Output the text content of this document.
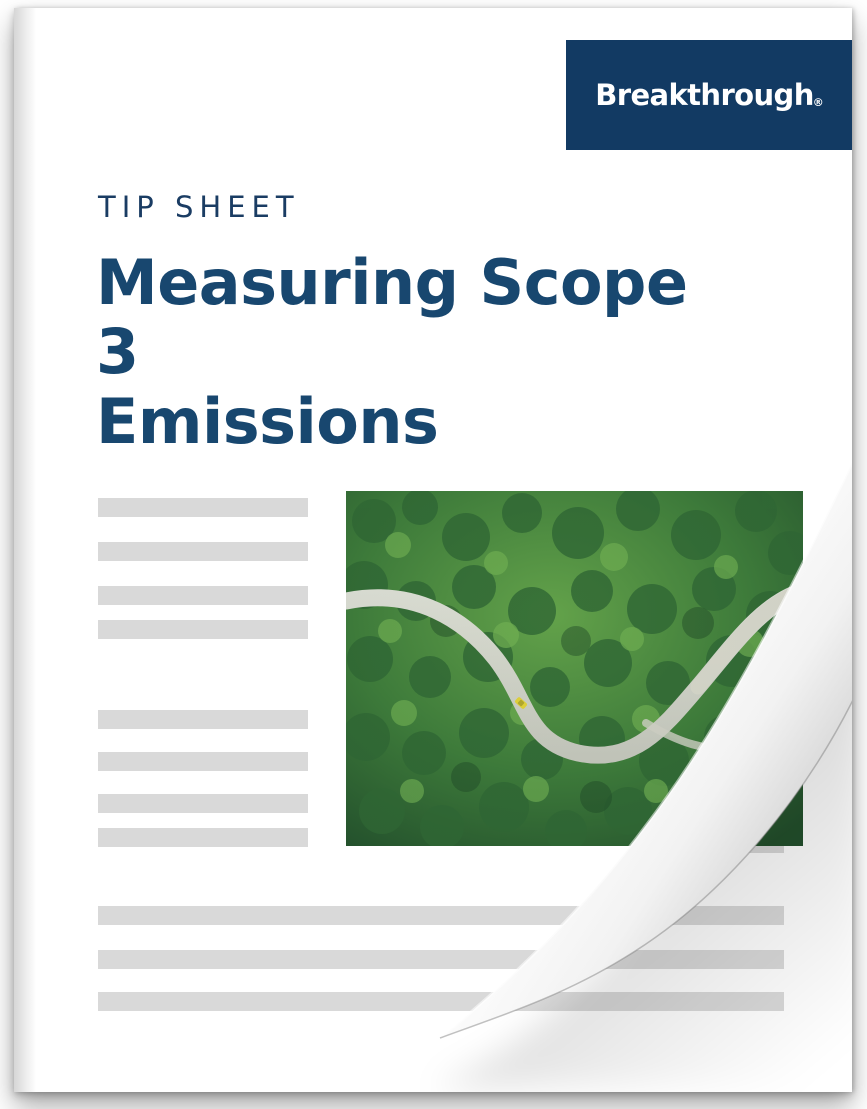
Breakthrough ®
TIP SHEET
Measuring Scope 3
Emissions
